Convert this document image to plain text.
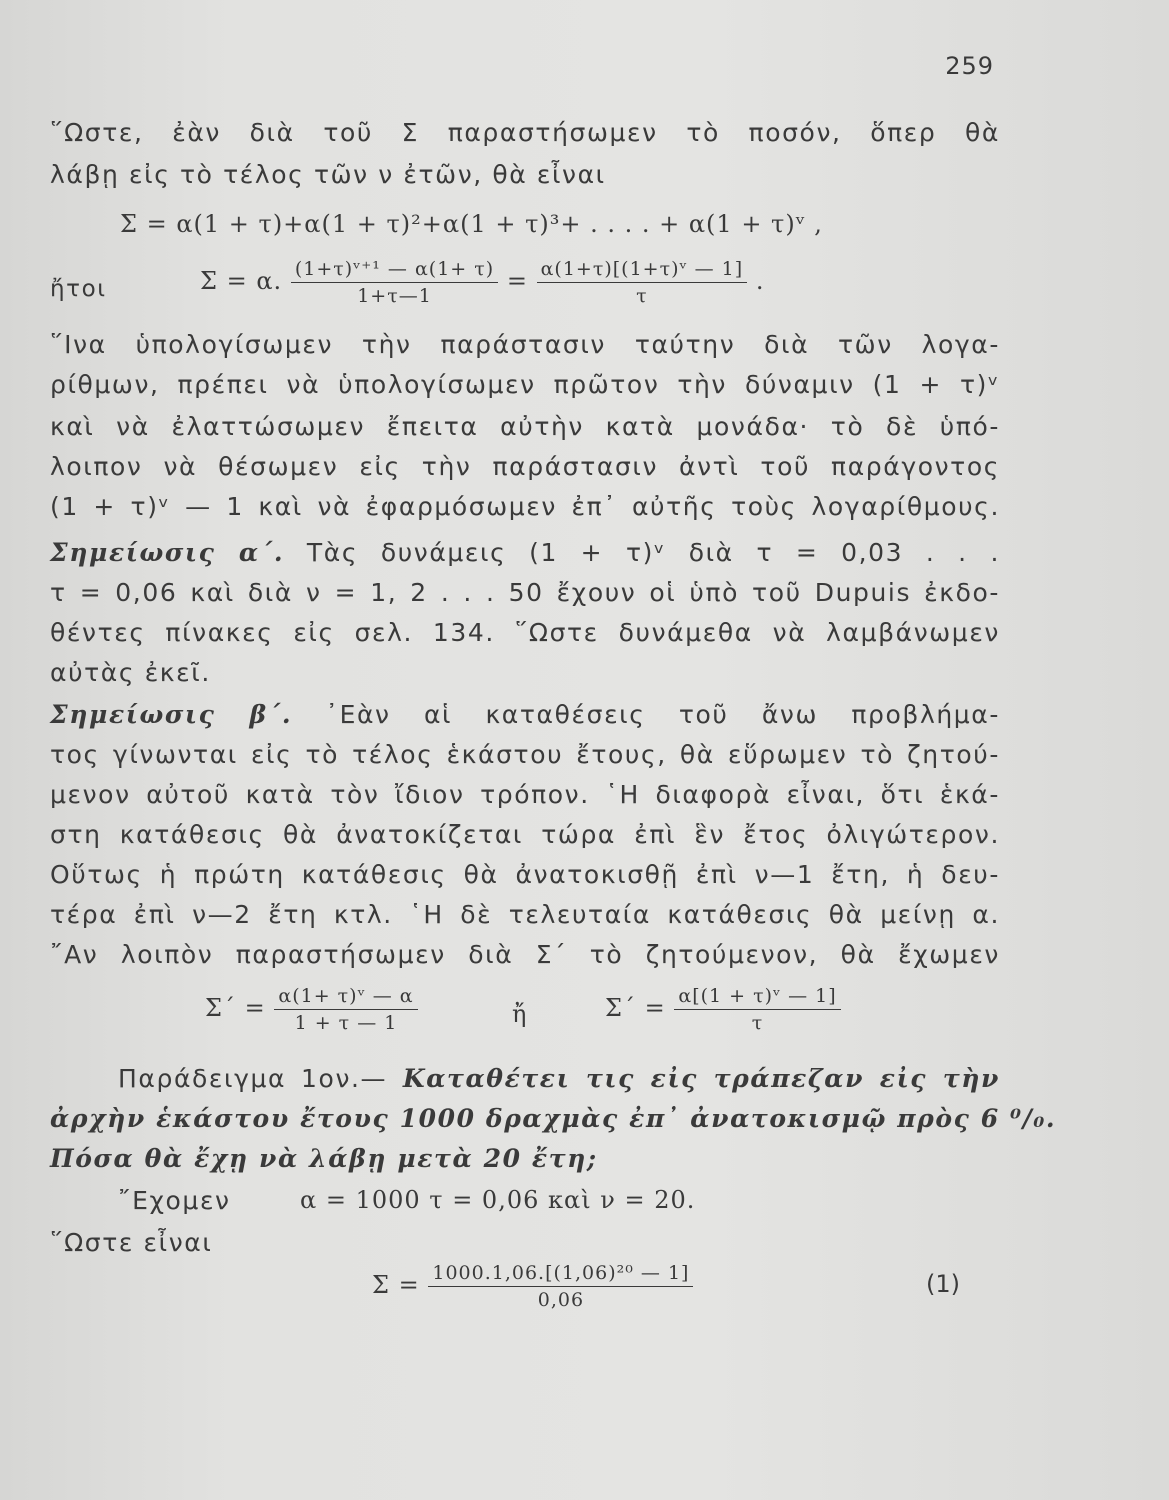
259
῞Ωστε, ἐὰν διὰ τοῦ Σ παραστήσωμεν τὸ ποσόν, ὅπερ θὰ
λάβῃ εἰς τὸ τέλος τῶν ν ἐτῶν, θὰ εἶναι
Σ = α(1 + τ)+α(1 + τ)²+α(1 + τ)³+ . . . . + α(1 + τ)ᵛ ,
ἤτοι	Σ = α. $\frac{\text{(1+τ)ᵛ⁺¹ — α(1+ τ)}}{1+\tau—1} = \frac{\text{α(1+τ)[(1+τ)ᵛ — 1]}}{\tau}$ .
῞Ινα ὑπολογίσωμεν τὴν παράστασιν ταύτην διὰ τῶν λογα-
ρίθμων, πρέπει νὰ ὑπολογίσωμεν πρῶτον τὴν δύναμιν (1 + τ)ᵛ
καὶ νὰ ἐλαττώσωμεν ἔπειτα αὐτὴν κατὰ μονάδα· τὸ δὲ ὑπό-
λοιπον νὰ θέσωμεν εἰς τὴν παράστασιν ἀντὶ τοῦ παράγοντος
(1 + τ)ᵛ — 1 καὶ νὰ ἐφαρμόσωμεν ἐπ᾿ αὐτῆς τοὺς λογαρίθμους.
Σημείωσις α΄. Τὰς δυνάμεις (1 + τ)ᵛ διὰ τ = 0,03 . . .
τ = 0,06 καὶ διὰ ν = 1, 2 . . . 50 ἔχουν οἱ ὑπὸ τοῦ Dupuis ἐκδο-
θέντες πίνακες εἰς σελ. 134. ῞Ωστε δυνάμεθα νὰ λαμβάνωμεν
αὐτὰς ἐκεῖ.
Σημείωσις β΄. ᾽Εὰν αἱ καταθέσεις τοῦ ἄνω προβλήμα-
τος γίνωνται εἰς τὸ τέλος ἑκάστου ἔτους, θὰ εὕρωμεν τὸ ζητού-
μενον αὐτοῦ κατὰ τὸν ἴδιον τρόπον. ῾Η διαφορὰ εἶναι, ὅτι ἑκά-
στη κατάθεσις θὰ ἀνατοκίζεται τώρα ἐπὶ ἓν ἔτος ὀλιγώτερον.
Οὕτως ἡ πρώτη κατάθεσις θὰ ἀνατοκισθῇ ἐπὶ ν—1 ἔτη, ἡ δευ-
τέρα ἐπὶ ν—2 ἔτη κτλ. ῾Η δὲ τελευταία κατάθεσις θὰ μείνῃ α.
῎Αν λοιπὸν παραστήσωμεν διὰ Σ΄ τὸ ζητούμενον, θὰ ἔχωμεν
$\Sigma΄ = \frac{\text{α(1+ τ)ᵛ — α}}{1 + \tau — 1}$	ἤ	$\Sigma΄ = \frac{\text{α[(1 + τ)ᵛ — 1]}}{\tau}$
Παράδειγμα 1ον.— Καταθέτει τις εἰς τράπεζαν εἰς τὴν
ἀρχὴν ἑκάστου ἔτους 1000 δραχμὰς ἐπ᾿ ἀνατοκισμῷ πρὸς 6 ⁰/₀.
Πόσα θὰ ἔχῃ νὰ λάβῃ μετὰ 20 ἔτη;
῎Εχομεν	α = 1000 τ = 0,06 καὶ ν = 20.
῞Ωστε εἶναι
$\Sigma = \frac{\text{1000.1,06.[(1,06)²⁰ — 1]}}{0,06}$	(1)
